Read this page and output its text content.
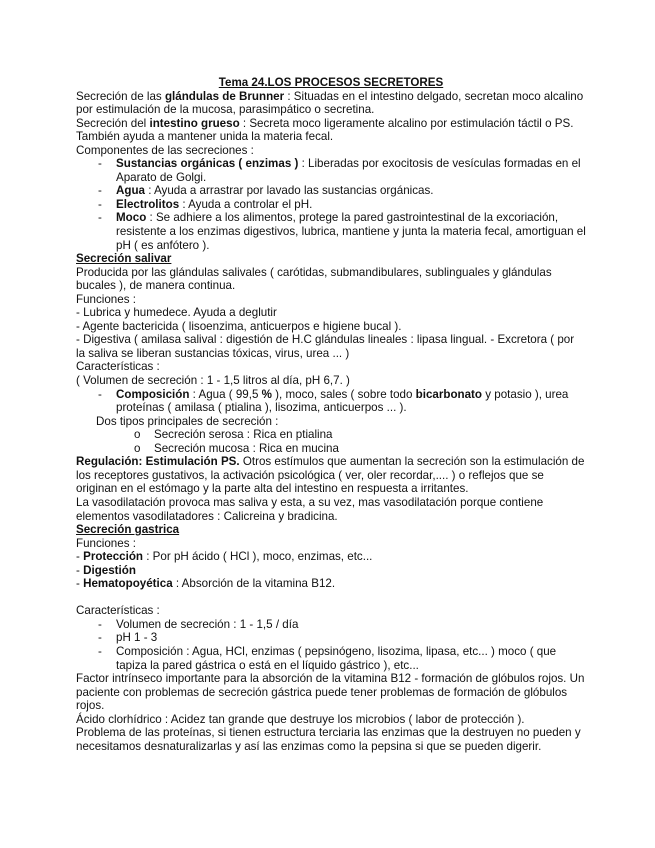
Tema 24.LOS PROCESOS SECRETORES

Secreción de las glándulas de Brunner : Situadas en el intestino delgado, secretan moco alcalino por estimulación de la mucosa, parasimpático o secretina.

Secreción del intestino grueso : Secreta moco ligeramente alcalino por estimulación táctil o PS. También ayuda a mantener unida la materia fecal.

Componentes de las secreciones :

- Sustancias orgánicas ( enzimas ) : Liberadas por exocitosis de vesículas formadas en el Aparato de Golgi.

- Agua : Ayuda a arrastrar por lavado las sustancias orgánicas.

- Electrolitos : Ayuda a controlar el pH.

- Moco : Se adhiere a los alimentos, protege la pared gastrointestinal de la excoriación, resistente a los enzimas digestivos, lubrica, mantiene y junta la materia fecal, amortiguan el pH ( es anfótero ).

Secreción salivar

Producida por las glándulas salivales ( carótidas, submandibulares, sublinguales y glándulas bucales ), de manera continua.

Funciones :

- Lubrica y humedece. Ayuda a deglutir

- Agente bactericida ( lisoenzima, anticuerpos e higiene bucal ).

- Digestiva ( amilasa salival : digestión de H.C glándulas lineales : lipasa lingual. - Excretora ( por la saliva se liberan sustancias tóxicas, virus, urea ... )

Características :

( Volumen de secreción : 1 - 1,5 litros al día, pH 6,7. )

- Composición : Agua ( 99,5 % ), moco, sales ( sobre todo bicarbonato y potasio ), urea proteínas ( amilasa ( ptialina ), lisozima, anticuerpos ... ).

Dos tipos principales de secreción :

o Secreción serosa : Rica en ptialina

o Secreción mucosa : Rica en mucina

Regulación: Estimulación PS. Otros estímulos que aumentan la secreción son la estimulación de los receptores gustativos, la activación psicológica ( ver, oler recordar,.... ) o reflejos que se originan en el estómago y la parte alta del intestino en respuesta a irritantes.

La vasodilatación provoca mas saliva y esta, a su vez, mas vasodilatación porque contiene elementos vasodilatadores : Calicreina y bradicina.

Secreción gastrica

Funciones :

- Protección : Por pH ácido ( HCl ), moco, enzimas, etc...

- Digestión

- Hematopoyética : Absorción de la vitamina B12.

Características :

- Volumen de secreción : 1 - 1,5 / día

- pH 1 - 3

- Composición : Agua, HCl, enzimas ( pepsinógeno, lisozima, lipasa, etc... ) moco ( que tapiza la pared gástrica o está en el líquido gástrico ), etc...

Factor intrínseco importante para la absorción de la vitamina B12 - formación de glóbulos rojos. Un paciente con problemas de secreción gástrica puede tener problemas de formación de glóbulos rojos.

Ácido clorhídrico : Acidez tan grande que destruye los microbios ( labor de protección ).

Problema de las proteínas, si tienen estructura terciaria las enzimas que la destruyen no pueden y necesitamos desnaturalizarlas y así las enzimas como la pepsina si que se pueden digerir.
